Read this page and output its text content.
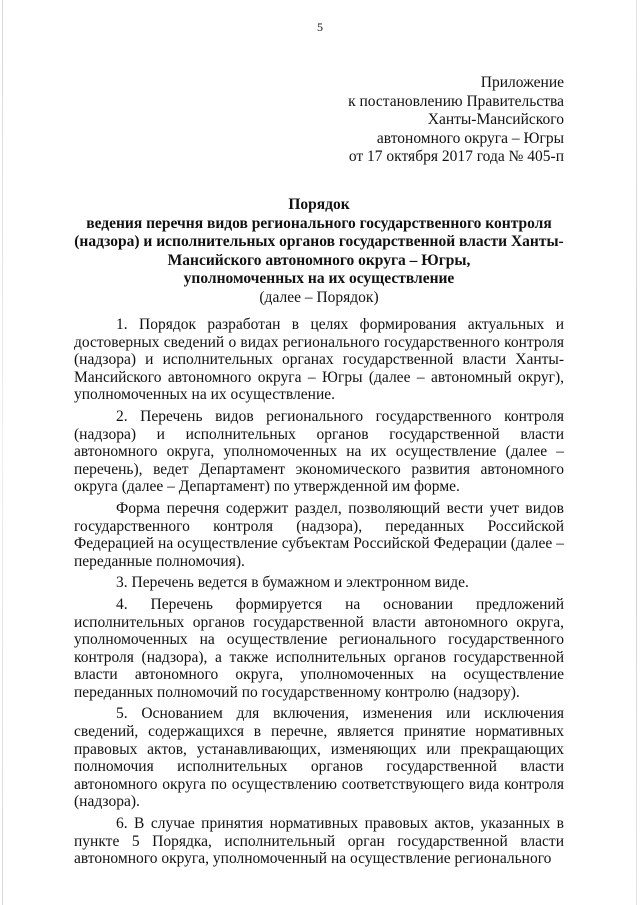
5
Приложение
к постановлению Правительства
Ханты-Мансийского
автономного округа – Югры
от 17 октября 2017 года № 405-п
Порядок
ведения перечня видов регионального государственного контроля
(надзора) и исполнительных органов государственной власти Ханты-
Мансийского автономного округа – Югры,
уполномоченных на их осуществление
(далее – Порядок)

1. Порядок разработан в целях формирования актуальных и достоверных сведений о видах регионального государственного контроля (надзора) и исполнительных органах государственной власти Ханты-Мансийского автономного округа – Югры (далее – автономный округ), уполномоченных на их осуществление.

2. Перечень видов регионального государственного контроля (надзора) и исполнительных органов государственной власти автономного округа, уполномоченных на их осуществление (далее – перечень), ведет Департамент экономического развития автономного округа (далее – Департамент) по утвержденной им форме.

Форма перечня содержит раздел, позволяющий вести учет видов государственного контроля (надзора), переданных Российской Федерацией на осуществление субъектам Российской Федерации (далее – переданные полномочия).

3. Перечень ведется в бумажном и электронном виде.

4. Перечень формируется на основании предложений исполнительных органов государственной власти автономного округа, уполномоченных на осуществление регионального государственного контроля (надзора), а также исполнительных органов государственной власти автономного округа, уполномоченных на осуществление переданных полномочий по государственному контролю (надзору).

5. Основанием для включения, изменения или исключения сведений, содержащихся в перечне, является принятие нормативных правовых актов, устанавливающих, изменяющих или прекращающих полномочия исполнительных органов государственной власти автономного округа по осуществлению соответствующего вида контроля (надзора).

6. В случае принятия нормативных правовых актов, указанных в пункте 5 Порядка, исполнительный орган государственной власти автономного округа, уполномоченный на осуществление регионального
